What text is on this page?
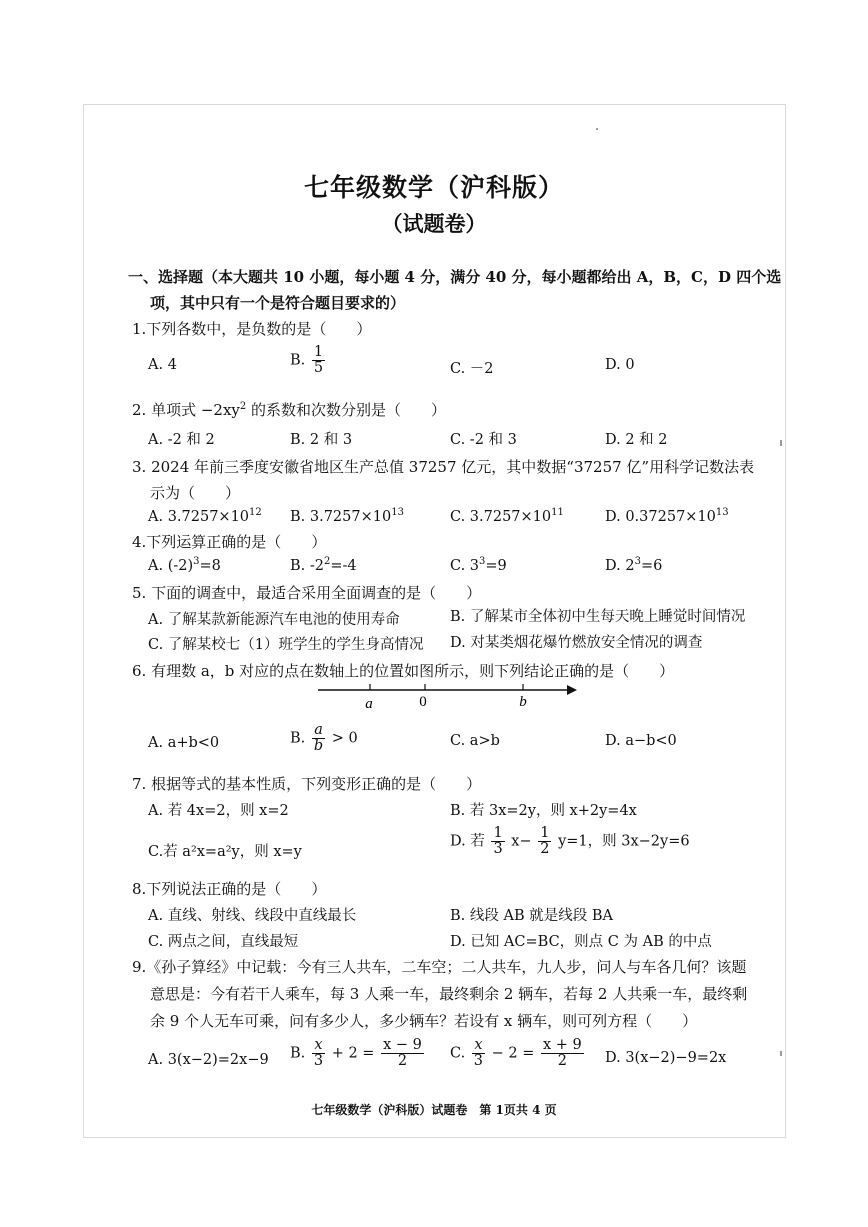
七年级数学（沪科版）
（试题卷）
一、选择题（本大题共 10 小题，每小题 4 分，满分 40 分，每小题都给出 A，B，C，D 四个选
项，其中只有一个是符合题目要求的）
1.下列各数中，是负数的是（　　）
A. 4	B. $\frac{1}{5}$	C. －2	D. 0
2. 单项式 $-2xy^2$ 的系数和次数分别是（　　）
A. -2 和 2	B. 2 和 3	C. -2 和 3	D. 2 和 2
3. 2024 年前三季度安徽省地区生产总值 37257 亿元，其中数据“37257 亿”用科学记数法表
示为（　　）
A. $3.7257\times 10^{12}$ B. $3.7257\times 10^{13}$	C. $3.7257\times 10^{11}$	D. $0.37257\times 10^{13}$
4.下列运算正确的是（　　）
A. $(-2)^3=8$	B. $-2^2=-4$	C. $3^3=9$	D. $2^3=6$
5. 下面的调查中，最适合采用全面调查的是（　　）
A. 了解某款新能源汽车电池的使用寿命	B. 了解某市全体初中生每天晚上睡觉时间情况
C. 了解某校七（1）班学生的学生身高情况 D. 对某类烟花爆竹燃放安全情况的调查
6. 有理数 a，b 对应的点在数轴上的位置如图所示，则下列结论正确的是（　　）
a	0	b
A. a+b<0	B. $\frac{a}{b} > 0$	C. a>b	D. a−b<0
7. 根据等式的基本性质，下列变形正确的是（　　）
A. 若 4x=2，则 x=2	B. 若 3x=2y，则 x+2y=4x
C.若 a²x=a²y，则 x=y
D. 若 $\frac{1}{3} x- \frac{1}{2} y=1$，则 3x−2y=6
8.下列说法正确的是（　　）
A. 直线、射线、线段中直线最长	B. 线段 AB 就是线段 BA
C. 两点之间，直线最短	D. 已知 AC=BC，则点 C 为 AB 的中点
9.《孙子算经》中记载：今有三人共车，二车空；二人共车，九人步，问人与车各几何？该题
意思是：今有若干人乘车，每 3 人乘一车，最终剩余 2 辆车，若每 2 人共乘一车，最终剩
余 9 个人无车可乘，问有多少人，多少辆车？若设有 x 辆车，则可列方程（　　）
A. 3(x−2)=2x−9 B. $\frac{x}{3} + 2 = \frac{x - 9}{2} C$. $\frac{x}{3} - 2 = \frac{x + 9}{2} D$. 3(x−2)−9=2x
七年级数学（沪科版）试题卷　第 1页共 4 页
